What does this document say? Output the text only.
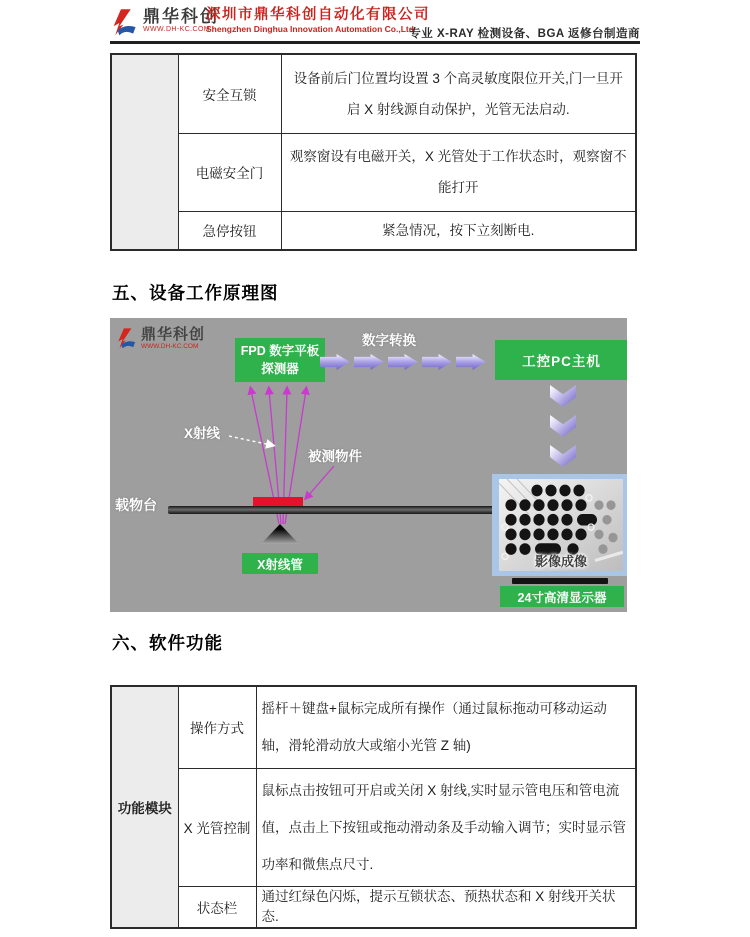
鼎华科创
WWW.DH-KC.COM
深圳市鼎华科创自动化有限公司
Shengzhen Dinghua Innovation Automation Co.,Ltd
专业 X-RAY 检测设备、BGA 返修台制造商
	安全互锁	设备前后门位置均设置 3 个高灵敏度限位开关,门一旦开启 X 射线源自动保护，光管无法启动.
	电磁安全门	观察窗设有电磁开关，X 光管处于工作状态时，观察窗不能打开
	急停按钮	紧急情况，按下立刻断电.
五、设备工作原理图
鼎华科创
WWW.DH-KC.COM	FPD 数字平板探测器
数字转换
工控PC主机
X射线
被测物件
载物台
X射线管	影像成像
24寸高清显示器
六、软件功能
功能模块	操作方式	摇杆＋键盘+鼠标完成所有操作（通过鼠标拖动可移动运动轴，滑轮滑动放大或缩小光管 Z 轴)
	X 光管控制	鼠标点击按钮可开启或关闭 X 射线,实时显示管电压和管电流值，点击上下按钮或拖动滑动条及手动输入调节；实时显示管功率和微焦点尺寸.
	状态栏	通过红绿色闪烁，提示互锁状态、预热状态和 X 射线开关状态.
